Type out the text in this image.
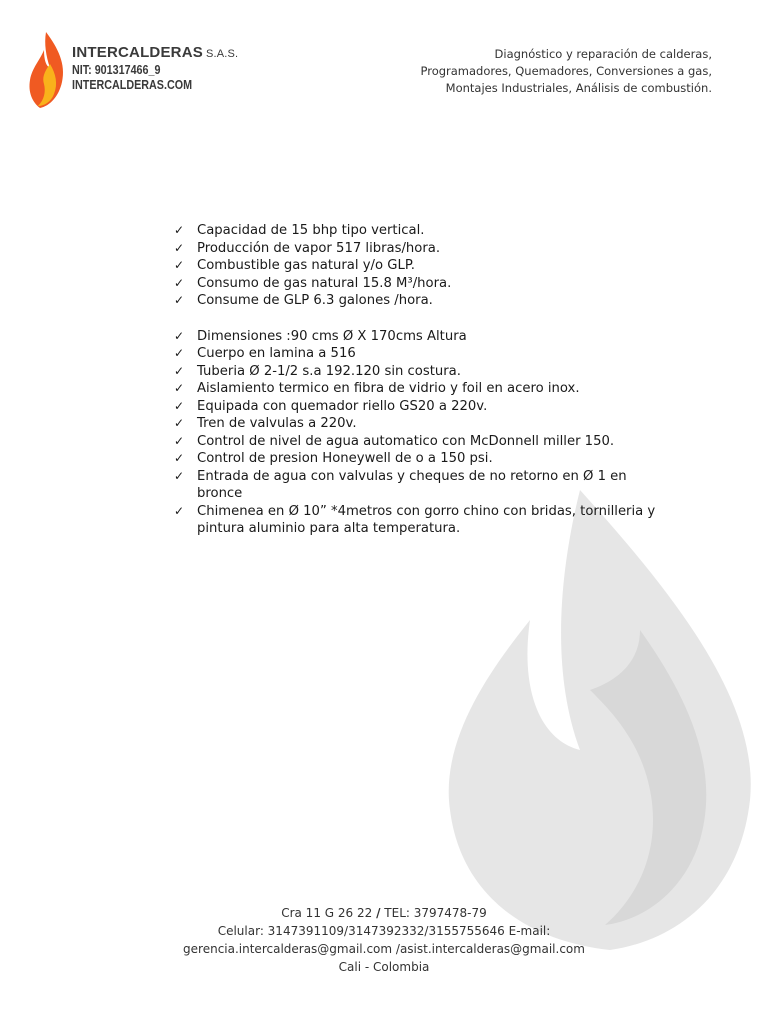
INTERCALDERAS S.A.S.
NIT: 901317466_9
INTERCALDERAS.COM
Diagnóstico y reparación de calderas,
Programadores, Quemadores, Conversiones a gas,
Montajes Industriales, Análisis de combustión.
✓ Capacidad de 15 bhp tipo vertical.
✓ Producción de vapor 517 libras/hora.
✓ Combustible gas natural y/o GLP.
✓ Consumo de gas natural 15.8 M³/hora.
✓ Consume de GLP 6.3 galones /hora.
✓ Dimensiones :90 cms Ø X 170cms Altura
✓ Cuerpo en lamina a 516
✓ Tuberia Ø 2-1/2 s.a 192.120 sin costura.
✓ Aislamiento termico en fibra de vidrio y foil en acero inox.
✓ Equipada con quemador riello GS20 a 220v.
✓ Tren de valvulas a 220v.
✓ Control de nivel de agua automatico con McDonnell miller 150.
✓ Control de presion Honeywell de o a 150 psi.
✓ Entrada de agua con valvulas y cheques de no retorno en Ø 1 en bronce
✓ Chimenea en Ø 10” *4metros con gorro chino con bridas, tornilleria y pintura aluminio para alta temperatura.
Cra 11 G 26 22 / TEL: 3797478-79
Celular: 3147391109/3147392332/3155755646 E-mail:
gerencia.intercalderas@gmail.com /asist.intercalderas@gmail.com
Cali - Colombia
